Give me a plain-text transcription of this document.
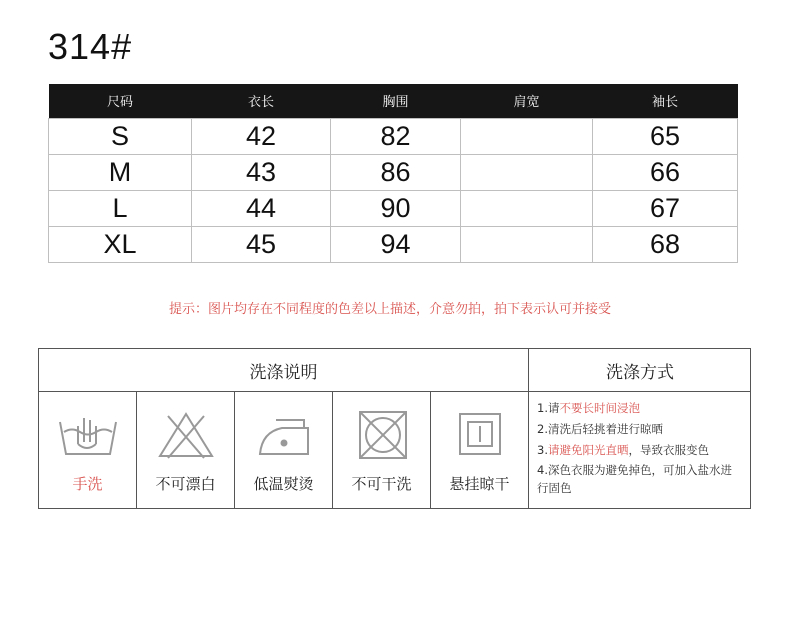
314#
尺码	衣长	胸围	肩宽	袖长
S	42	82		65
M	43	86		66
L	44	90		67
XL	45	94		68
提示：图片均存在不同程度的色差以上描述，介意勿拍，拍下表示认可并接受
洗涤说明	洗涤方式
手洗	不可漂白	低温熨烫	不可干洗	悬挂晾干
1.请不要长时间浸泡
2.清洗后轻挑着进行晾晒
3.请避免阳光直晒，导致衣服变色
4.深色衣服为避免掉色，可加入盐水进行固色
